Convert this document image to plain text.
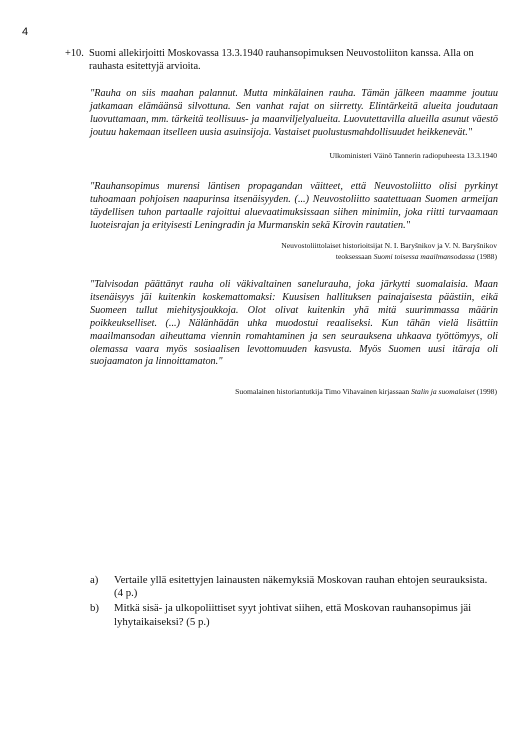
4
+10. Suomi allekirjoitti Moskovassa 13.3.1940 rauhansopimuksen Neuvostoliiton kanssa. Alla on rauhasta esitettyjä arvioita.
"Rauha on siis maahan palannut. Mutta minkälainen rauha. Tämän jälkeen maamme joutuu jatkamaan elämäänsä silvottuna. Sen vanhat rajat on siirretty. Elintärkeitä alueita joudutaan luovuttamaan, mm. tärkeitä teollisuus- ja maanviljelyalueita. Luovutettavilla alueilla asunut väestö joutuu hakemaan itselleen uusia asuinsijoja. Vastaiset puolustusmahdollisuudet heikkenevät."
Ulkoministeri Väinö Tannerin radiopuheesta 13.3.1940
"Rauhansopimus murensi läntisen propagandan väitteet, että Neuvostoliitto olisi pyrkinyt tuhoamaan pohjoisen naapurinsa itsenäisyyden. (...) Neuvostoliitto saatettuaan Suomen armeijan täydellisen tuhon partaalle rajoittui aluevaatimuksissaan siihen minimiin, joka riitti turvaamaan luoteisrajan ja erityisesti Leningradin ja Murmanskin sekä Kirovin rautatien."
Neuvostoliittolaiset historioitsijat N. I. Baryšnikov ja V. N. Baryšnikov
teoksessaan Suomi toisessa maailmansodassa (1988)
"Talvisodan päättänyt rauha oli väkivaltainen sanelurauha, joka järkytti suomalaisia. Maan itsenäisyys jäi kuitenkin koskemattomaksi: Kuusisen hallituksen painajaisesta päästiin, eikä Suomeen tullut miehitysjoukkoja. Olot olivat kuitenkin yhä mitä suurimmassa määrin poikkeukselliset. (...) Nälänhädän uhka muodostui reaaliseksi. Kun tähän vielä lisättiin maailmansodan aiheuttama viennin romahtaminen ja sen seurauksena uhkaava työttömyys, oli olemassa vaara myös sosiaalisen levottomuuden kasvusta. Myös Suomen uusi itäraja oli suojaamaton ja linnoittamaton."
Suomalainen historiantutkija Timo Vihavainen kirjassaan Stalin ja suomalaiset (1998)
a) Vertaile yllä esitettyjen lainausten näkemyksiä Moskovan rauhan ehtojen seurauksista. (4 p.)
b) Mitkä sisä- ja ulkopoliittiset syyt johtivat siihen, että Moskovan rauhansopimus jäi lyhytaikaiseksi? (5 p.)
